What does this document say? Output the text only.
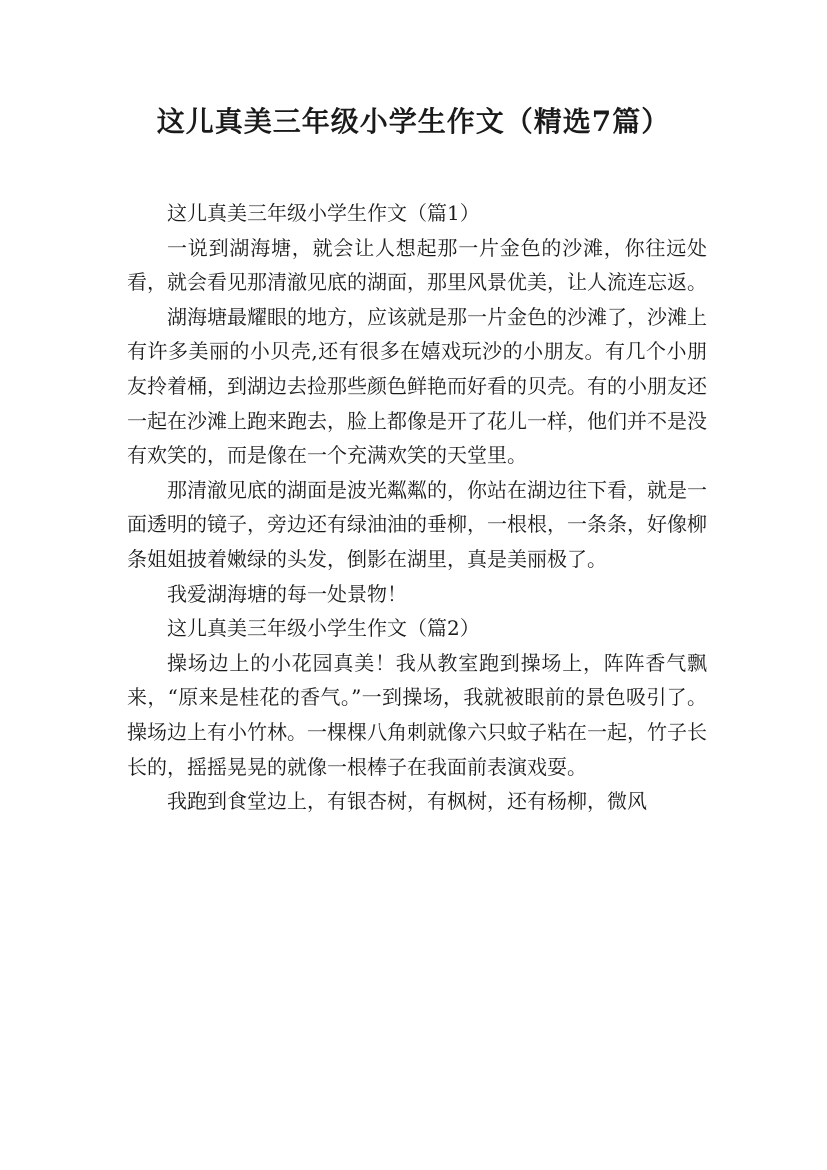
这儿真美三年级小学生作文（精选7篇）

这儿真美三年级小学生作文（篇1）

一说到湖海塘，就会让人想起那一片金色的沙滩，你往远处看，就会看见那清澈见底的湖面，那里风景优美，让人流连忘返。

湖海塘最耀眼的地方，应该就是那一片金色的沙滩了，沙滩上有许多美丽的小贝壳,还有很多在嬉戏玩沙的小朋友。有几个小朋友拎着桶，到湖边去捡那些颜色鲜艳而好看的贝壳。有的小朋友还一起在沙滩上跑来跑去，脸上都像是开了花儿一样，他们并不是没有欢笑的，而是像在一个充满欢笑的天堂里。

那清澈见底的湖面是波光粼粼的，你站在湖边往下看，就是一面透明的镜子，旁边还有绿油油的垂柳，一根根，一条条，好像柳条姐姐披着嫩绿的头发，倒影在湖里，真是美丽极了。

我爱湖海塘的每一处景物！

这儿真美三年级小学生作文（篇2）

操场边上的小花园真美！我从教室跑到操场上，阵阵香气飘来，“原来是桂花的香气。”一到操场，我就被眼前的景色吸引了。操场边上有小竹林。一棵棵八角刺就像六只蚊子粘在一起，竹子长长的，摇摇晃晃的就像一根棒子在我面前表演戏耍。

我跑到食堂边上，有银杏树，有枫树，还有杨柳，微风
